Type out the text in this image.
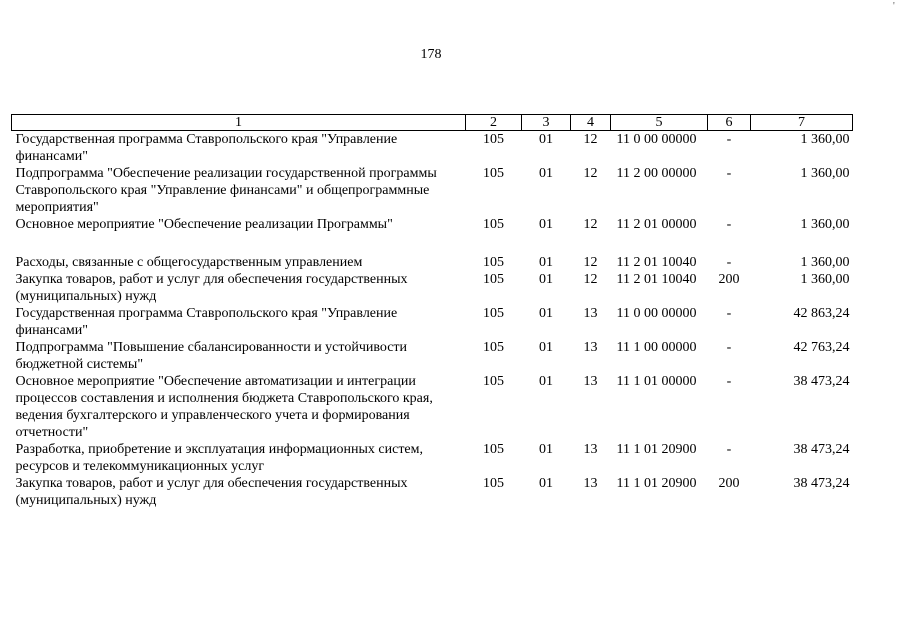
'
178
1	2	3	4	5	6	7
Государственная программа Ставропольского края "Управление финансами"	105	01	12	11 0 00 00000	-	1 360,00
Подпрограмма "Обеспечение реализации государственной программы Ставропольского края "Управление финансами" и общепрограммные мероприятия"	105	01	12	11 2 00 00000	-	1 360,00
Основное мероприятие "Обеспечение реализации Программы"	105	01	12	11 2 01 00000	-	1 360,00
Расходы, связанные с общегосударственным управлением	105	01	12	11 2 01 10040	-	1 360,00
Закупка товаров, работ и услуг для обеспечения государственных (муниципальных) нужд	105	01	12	11 2 01 10040	200	1 360,00
Государственная программа Ставропольского края "Управление финансами"	105	01	13	11 0 00 00000	-	42 863,24
Подпрограмма "Повышение сбалансированности и устойчивости бюджетной системы"	105	01	13	11 1 00 00000	-	42 763,24
Основное мероприятие "Обеспечение автоматизации и интеграции процессов составления и исполнения бюджета Ставропольского края, ведения бухгалтерского и управленческого учета и формирования отчетности"	105	01	13	11 1 01 00000	-	38 473,24
Разработка, приобретение и эксплуатация информационных систем, ресурсов и телекоммуникационных услуг	105	01	13	11 1 01 20900	-	38 473,24
Закупка товаров, работ и услуг для обеспечения государственных (муниципальных) нужд	105	01	13	11 1 01 20900	200	38 473,24
